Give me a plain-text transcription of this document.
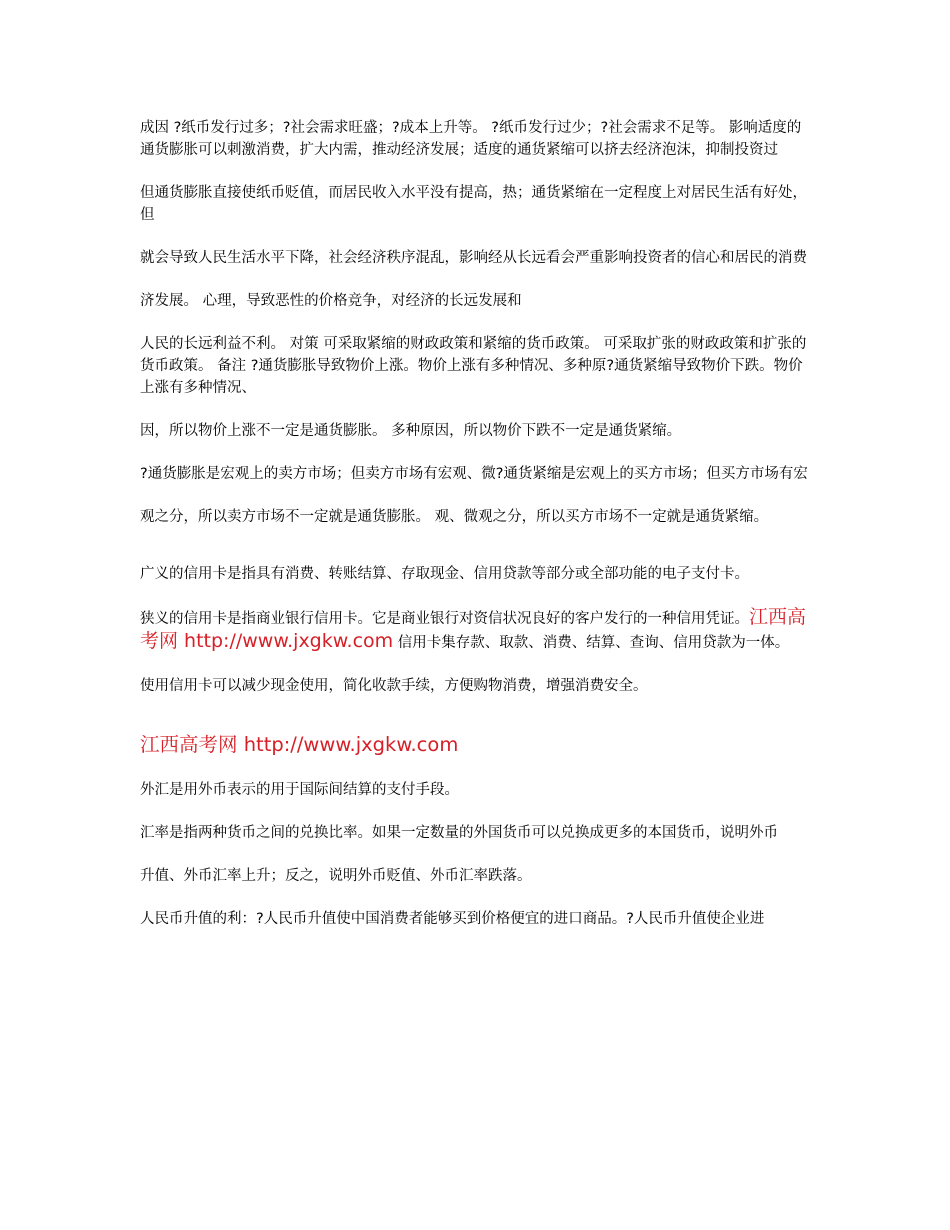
成因 ?纸币发行过多；?社会需求旺盛；?成本上升等。 ?纸币发行过少；?社会需求不足等。 影响适度的通货膨胀可以刺激消费，扩大内需，推动经济发展；适度的通货紧缩可以挤去经济泡沫，抑制投资过

但通货膨胀直接使纸币贬值，而居民收入水平没有提高，热；通货紧缩在一定程度上对居民生活有好处，但

就会导致人民生活水平下降，社会经济秩序混乱，影响经从长远看会严重影响投资者的信心和居民的消费

济发展。 心理，导致恶性的价格竞争，对经济的长远发展和

人民的长远利益不利。 对策 可采取紧缩的财政政策和紧缩的货币政策。 可采取扩张的财政政策和扩张的货币政策。 备注 ?通货膨胀导致物价上涨。物价上涨有多种情况、多种原?通货紧缩导致物价下跌。物价上涨有多种情况、

因，所以物价上涨不一定是通货膨胀。 多种原因，所以物价下跌不一定是通货紧缩。

?通货膨胀是宏观上的卖方市场；但卖方市场有宏观、微?通货紧缩是宏观上的买方市场；但买方市场有宏

观之分，所以卖方市场不一定就是通货膨胀。 观、微观之分，所以买方市场不一定就是通货紧缩。

广义的信用卡是指具有消费、转账结算、存取现金、信用贷款等部分或全部功能的电子支付卡。

狭义的信用卡是指商业银行信用卡。它是商业银行对资信状况良好的客户发行的一种信用凭证。江西高考网 http://www.jxgkw.com 信用卡集存款、取款、消费、结算、查询、信用贷款为一体。

使用信用卡可以减少现金使用，简化收款手续，方便购物消费，增强消费安全。

江西高考网 http://www.jxgkw.com

外汇是用外币表示的用于国际间结算的支付手段。

汇率是指两种货币之间的兑换比率。如果一定数量的外国货币可以兑换成更多的本国货币，说明外币

升值、外币汇率上升；反之，说明外币贬值、外币汇率跌落。

人民币升值的利：?人民币升值使中国消费者能够买到价格便宜的进口商品。?人民币升值使企业进
